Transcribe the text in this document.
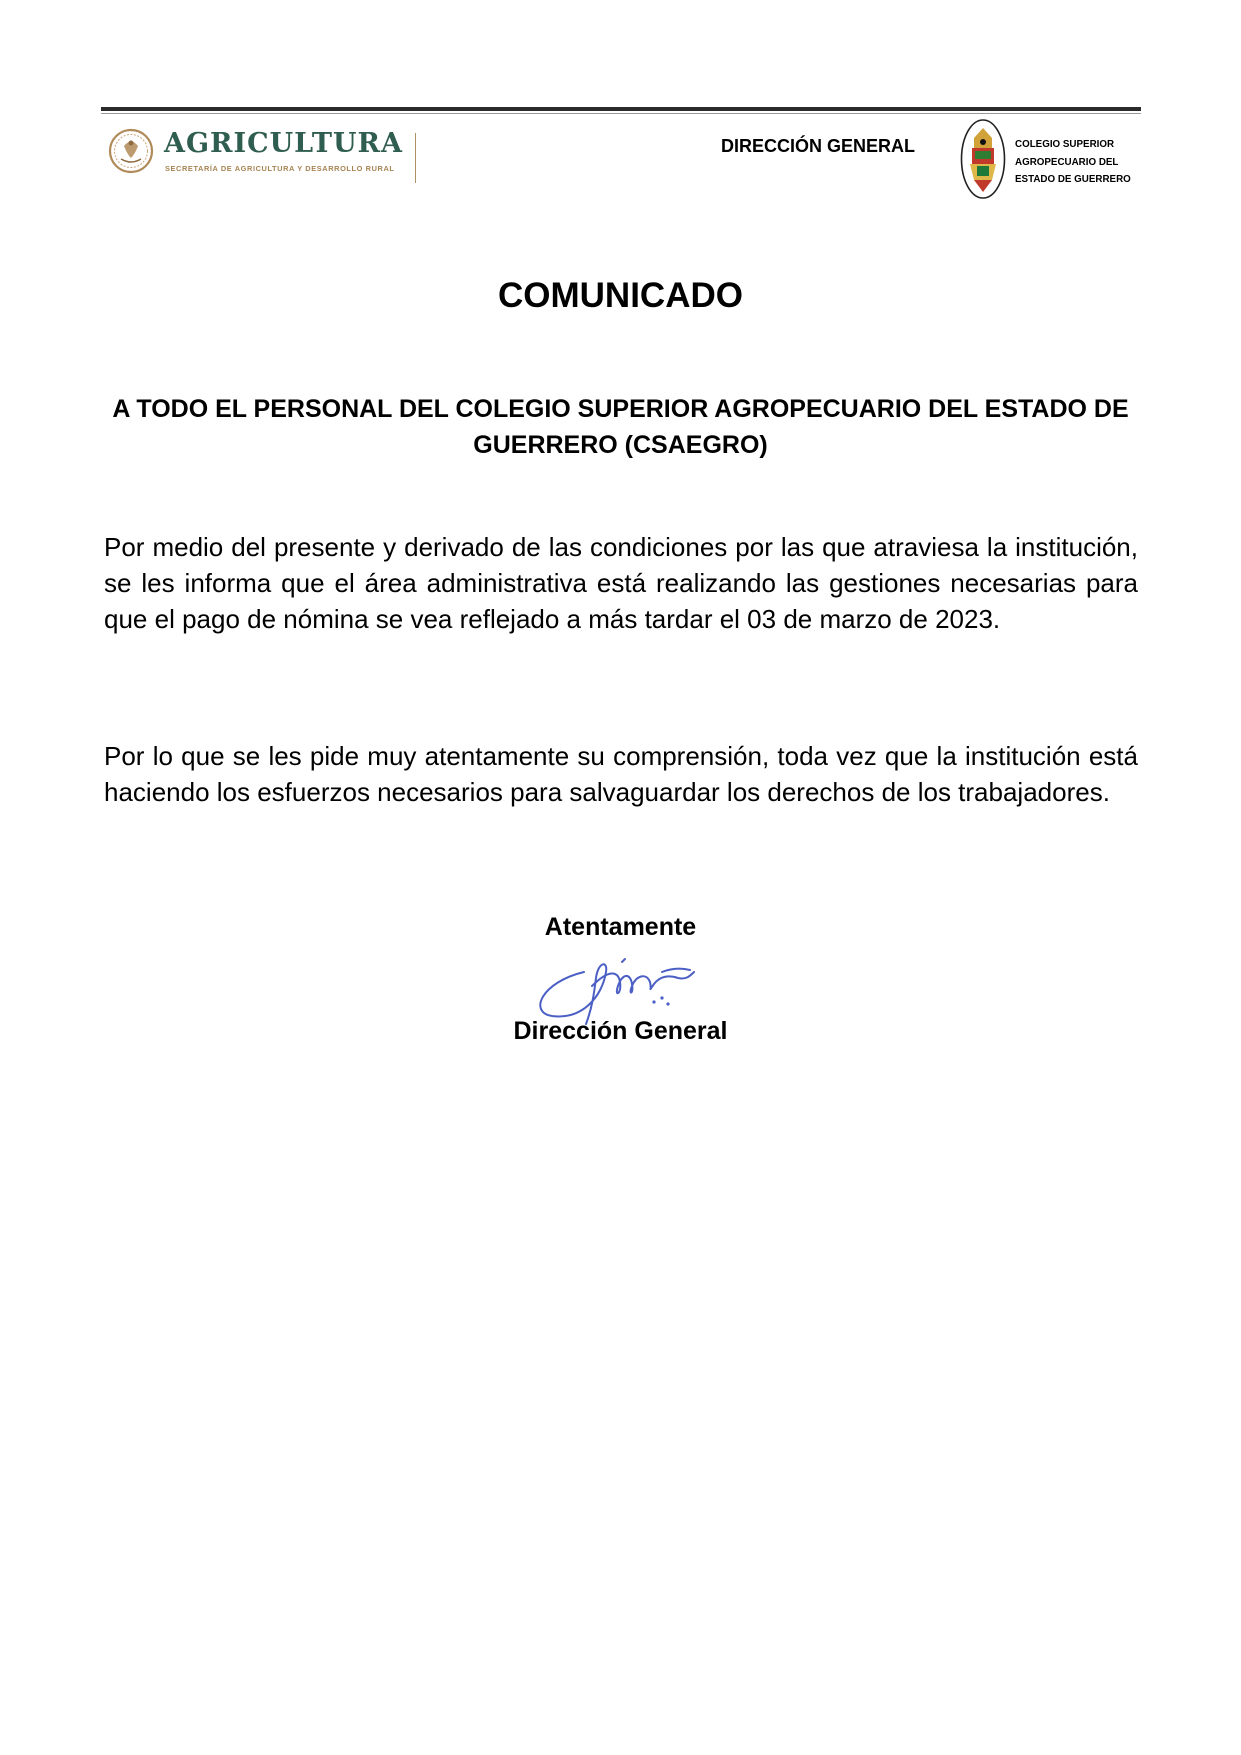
AGRICULTURA
SECRETARÍA DE AGRICULTURA Y DESARROLLO RURAL
DIRECCIÓN GENERAL	COLEGIO SUPERIOR
AGROPECUARIO DEL
ESTADO DE GUERRERO
COMUNICADO
A TODO EL PERSONAL DEL COLEGIO SUPERIOR AGROPECUARIO DEL ESTADO DE GUERRERO (CSAEGRO)

Por medio del presente y derivado de las condiciones por las que atraviesa la institución, se les informa que el área administrativa está realizando las gestiones necesarias para que el pago de nómina se vea reflejado a más tardar el 03 de marzo de 2023.

Por lo que se les pide muy atentamente su comprensión, toda vez que la institución está haciendo los esfuerzos necesarios para salvaguardar los derechos de los trabajadores.

Atentamente
Dirección General
